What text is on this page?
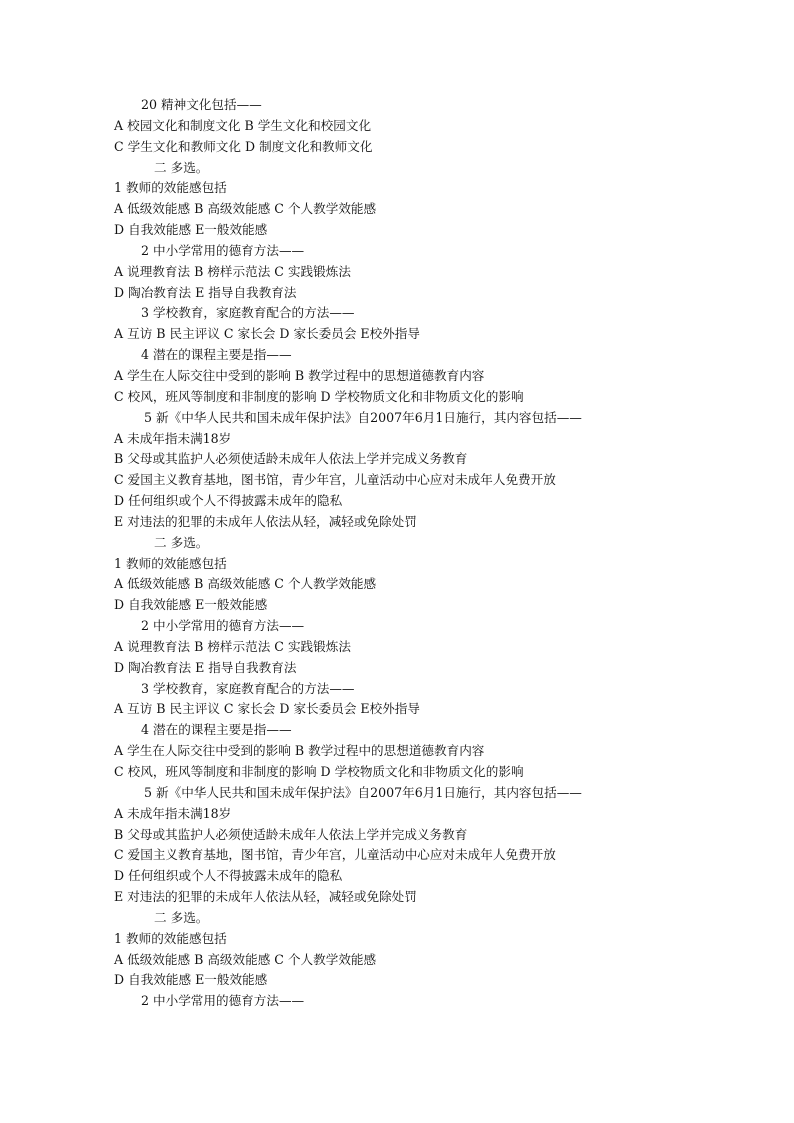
20 精神文化包括——
A 校园文化和制度文化 B 学生文化和校园文化
C 学生文化和教师文化 D 制度文化和教师文化
二 多选。
1 教师的效能感包括
A 低级效能感 B 高级效能感 C 个人教学效能感
D 自我效能感 E一般效能感
2 中小学常用的德育方法——
A 说理教育法 B 榜样示范法 C 实践锻炼法
D 陶冶教育法 E 指导自我教育法
3 学校教育，家庭教育配合的方法——
A 互访 B 民主评议 C 家长会 D 家长委员会 E校外指导
4 潜在的课程主要是指——
A 学生在人际交往中受到的影响 B 教学过程中的思想道德教育内容
C 校风，班风等制度和非制度的影响 D 学校物质文化和非物质文化的影响
5 新《中华人民共和国未成年保护法》自2007年6月1日施行，其内容包括——
A 未成年指未满18岁
B 父母或其监护人必须使适龄未成年人依法上学并完成义务教育
C 爱国主义教育基地，图书馆，青少年宫，儿童活动中心应对未成年人免费开放
D 任何组织或个人不得披露未成年的隐私
E 对违法的犯罪的未成年人依法从轻，减轻或免除处罚
二 多选。
1 教师的效能感包括
A 低级效能感 B 高级效能感 C 个人教学效能感
D 自我效能感 E一般效能感
2 中小学常用的德育方法——
A 说理教育法 B 榜样示范法 C 实践锻炼法
D 陶冶教育法 E 指导自我教育法
3 学校教育，家庭教育配合的方法——
A 互访 B 民主评议 C 家长会 D 家长委员会 E校外指导
4 潜在的课程主要是指——
A 学生在人际交往中受到的影响 B 教学过程中的思想道德教育内容
C 校风，班风等制度和非制度的影响 D 学校物质文化和非物质文化的影响
5 新《中华人民共和国未成年保护法》自2007年6月1日施行，其内容包括——
A 未成年指未满18岁
B 父母或其监护人必须使适龄未成年人依法上学并完成义务教育
C 爱国主义教育基地，图书馆，青少年宫，儿童活动中心应对未成年人免费开放
D 任何组织或个人不得披露未成年的隐私
E 对违法的犯罪的未成年人依法从轻，减轻或免除处罚
二 多选。
1 教师的效能感包括
A 低级效能感 B 高级效能感 C 个人教学效能感
D 自我效能感 E一般效能感
2 中小学常用的德育方法——
